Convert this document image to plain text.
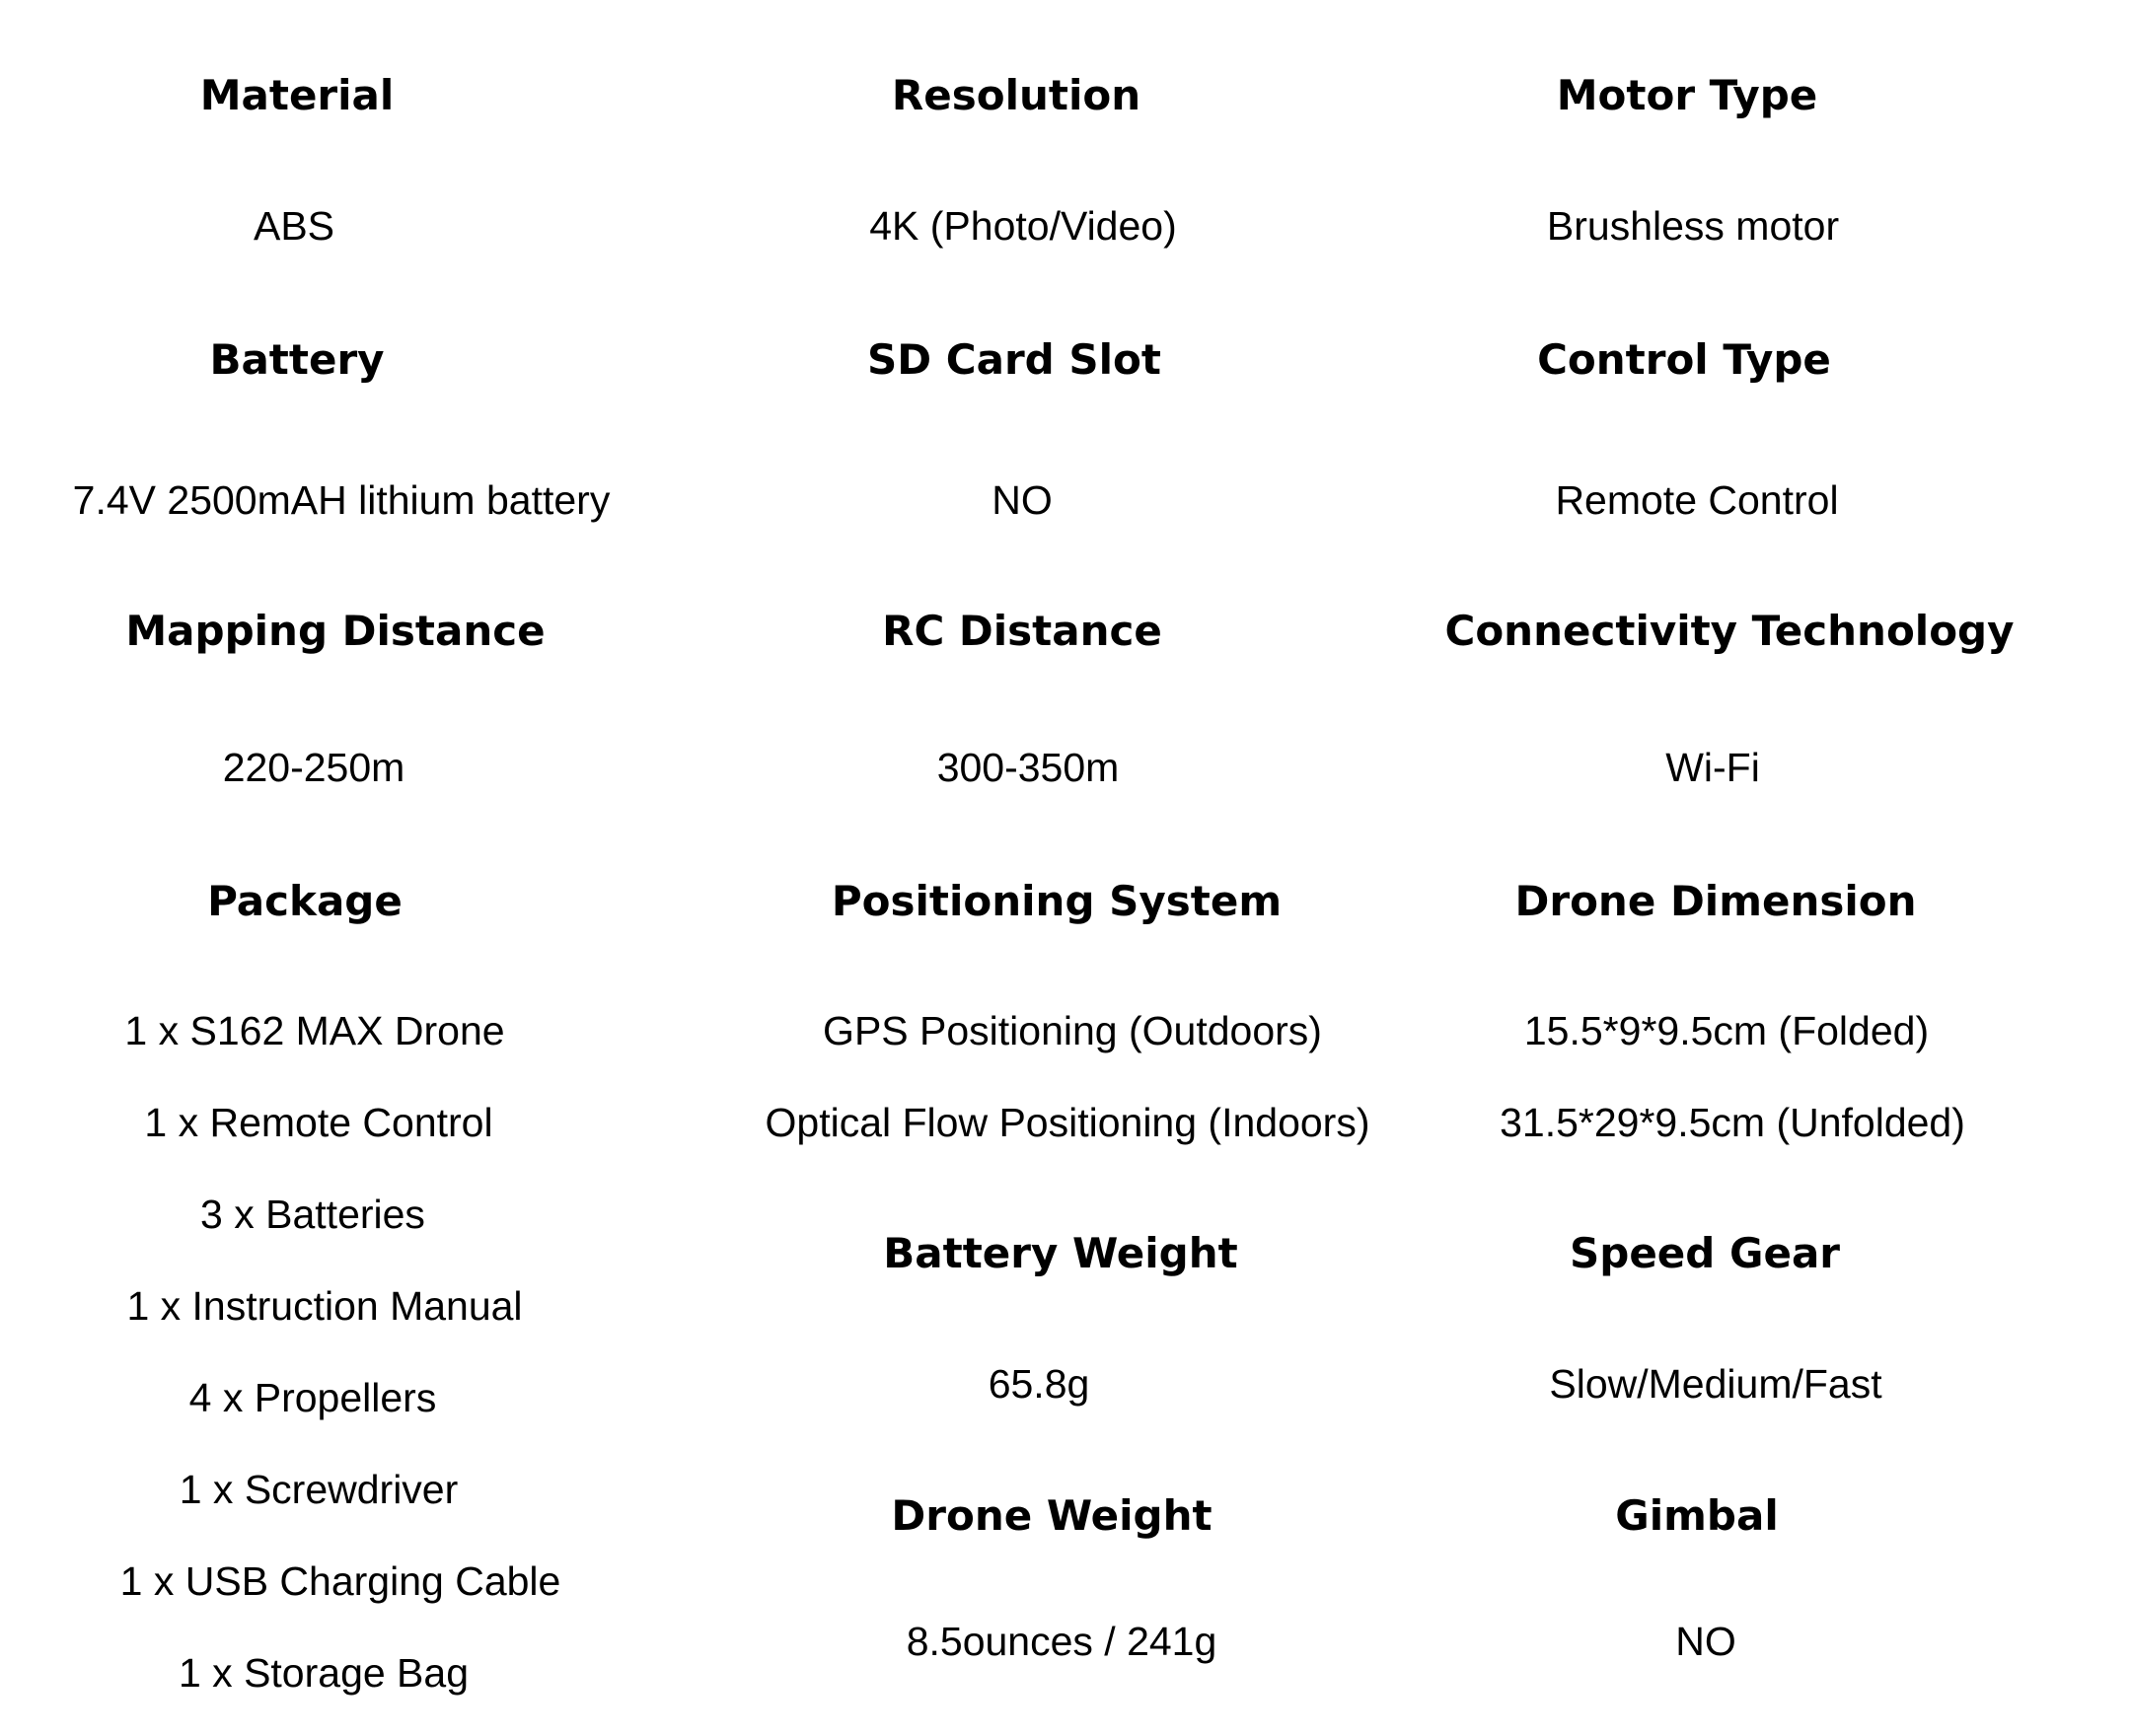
Material
ABS
Battery
7.4V 2500mAH lithium battery
Mapping Distance
220-250m
Package
1 x S162 MAX Drone
1 x Remote Control
3 x Batteries
1 x Instruction Manual
4 x Propellers
1 x Screwdriver
1 x USB Charging Cable
1 x Storage Bag
Resolution
4K (Photo/Video)
SD Card Slot
NO
RC Distance
300-350m
Positioning System
GPS Positioning (Outdoors)
Optical Flow Positioning (Indoors)
Battery Weight
65.8g
Drone Weight
8.5ounces / 241g
Motor Type
Brushless motor
Control Type
Remote Control
Connectivity Technology
Wi-Fi
Drone Dimension
15.5*9*9.5cm (Folded)
31.5*29*9.5cm (Unfolded)
Speed Gear
Slow/Medium/Fast
Gimbal
NO
